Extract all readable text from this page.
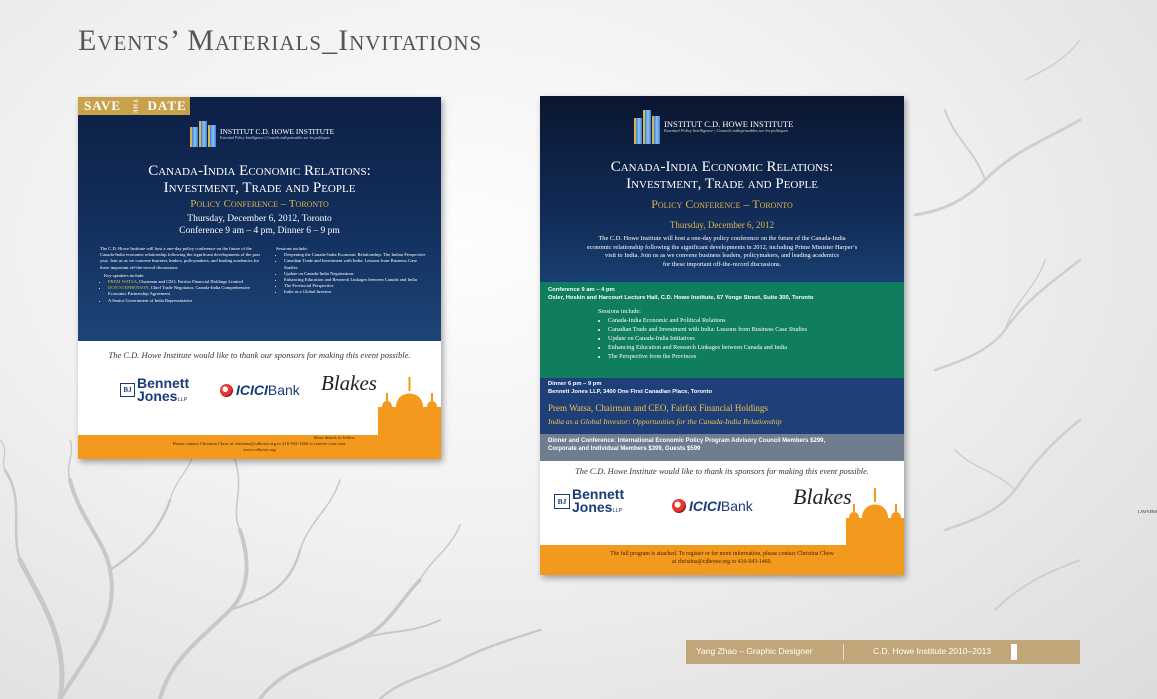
Events’ Materials_Invitations
SAVE THE DATE
INSTITUT C.D. HOWE INSTITUTE
Essential Policy Intelligence | Conseils indispensables sur les politiques
Canada-India Economic Relations:
Investment, Trade and People
Policy Conference – Toronto
Thursday, December 6, 2012, Toronto
Conference 9 am – 4 pm, Dinner 6 – 9 pm
The C.D. Howe Institute will host a one-day policy conference on the future of the Canada-India economic relationship following the significant developments of the past year. Join us as we convene business leaders, policymakers, and leading academics for these important off-the-record discussions.
Key speakers include:
• PREM WATSA, Chairman and CEO, Fairfax Financial Holdings Limited
• DON STEPHENSON, Chief Trade Negotiator, Canada-India Comprehensive Economic Partnership Agreement
• A Senior Government of India Representative
Sessions include:
• Deepening the Canada-India Economic Relationship: The Indian Perspective
• Canadian Trade and Investment with India: Lessons from Business Case Studies
• Update on Canada-India Negotiations
• Enhancing Education and Research Linkages between Canada and India
• The Provincial Perspective
• India as a Global Investor
The C.D. Howe Institute would like to thank our sponsors for making this event possible.
BJ Bennett
JonesLLP
ICICI Bank Blakes
More details to follow.
Please contact Christina Chow at christina@cdhowe.org or 416-943-1460 to reserve your seat.
www.cdhowe.org
INSTITUT C.D. HOWE INSTITUTE
Essential Policy Intelligence | Conseils indispensables sur les politiques
Canada-India Economic Relations:
Investment, Trade and People
Policy Conference – Toronto
Thursday, December 6, 2012
The C.D. Howe Institute will host a one-day policy conference on the future of the Canada-India
economic relationship following the significant developments in 2012, including Prime Minister Harper’s
visit to India. Join us as we convene business leaders, policymakers, and leading academics
for these important off-the-record discussions.
Conference 9 am – 4 pm
Osler, Hoskin and Harcourt Lecture Hall, C.D. Howe Institute, 67 Yonge Street, Suite 300, Toronto
Sessions include:
• Canada-India Economic and Political Relations
• Canadian Trade and Investment with India: Lessons from Business Case Studies
• Update on Canada-India Initiatives
• Enhancing Education and Research Linkages between Canada and India
• The Perspective from the Provinces
Dinner 6 pm – 9 pm
Bennett Jones LLP, 3400 One First Canadian Place, Toronto
Prem Watsa, Chairman and CEO, Fairfax Financial Holdings
India as a Global Investor: Opportunities for the Canada-India Relationship
Dinner and Conference: International Economic Policy Program Advisory Council Members $299,
Corporate and Individual Members $399, Guests $599
The C.D. Howe Institute would like to thank its sponsors for making this event possible.
BJ Bennett
JonesLLP	ICICI Bank Blakes
LAWYERS
The full program is attached. To register or for more information, please contact Christina Chow
at christina@cdhowe.org or 416-943-1460.
Yang Zhao – Graphic Designer	C.D. Howe Institute 2010–2013
